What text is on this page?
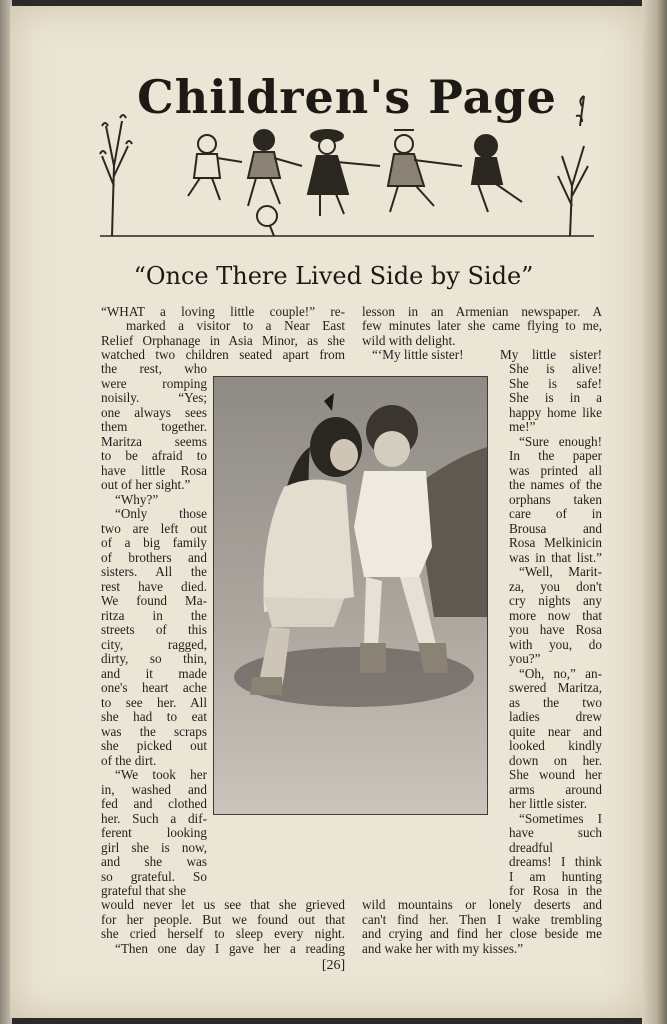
Children's Page
“Once There Lived Side by Side”
“WHAT a loving little couple!” re-
marked a visitor to a Near East
Relief Orphanage in Asia Minor, as she
watched two children seated apart from
the rest, who
were romping
noisily. “Yes;
one always sees
them together.
Maritza seems
to be afraid to
have little Rosa
out of her sight.”
“Why?”
“Only those
two are left out
of a big family
of brothers and
sisters. All the
rest have died.
We found Ma-
ritza in the
streets of this
city, ragged,
dirty, so thin,
and it made
one's heart ache
to see her. All
she had to eat
was the scraps
she picked out
of the dirt.
“We took her
in, washed and
fed and clothed
her. Such a dif-
ferent looking
girl she is now,
and she was
so grateful. So
grateful that she
would never let us see that she grieved
for her people. But we found out that
she cried herself to sleep every night.
“Then one day I gave her a reading
lesson in an Armenian newspaper. A
few minutes later she came flying to me,
wild with delight.
“‘My little sister!	My little sister!
She is alive!
She is safe!
She is in a
happy home like
me!”
“Sure enough!
In the paper
was printed all
the names of the
orphans taken
care of in
Brousa and
Rosa Melkinicin
was in that list.”
“Well, Marit-
za, you don't
cry nights any
more now that
you have Rosa
with you, do
you?”
“Oh, no,” an-
swered Maritza,
as the two
ladies drew
quite near and
looked kindly
down on her.
She wound her
arms around
her little sister.
“Sometimes I
have such
dreadful
dreams! I think
I am hunting
for Rosa in the
wild mountains or lonely deserts and
can't find her. Then I wake trembling
and crying and find her close beside me
and wake her with my kisses.”
[26]
